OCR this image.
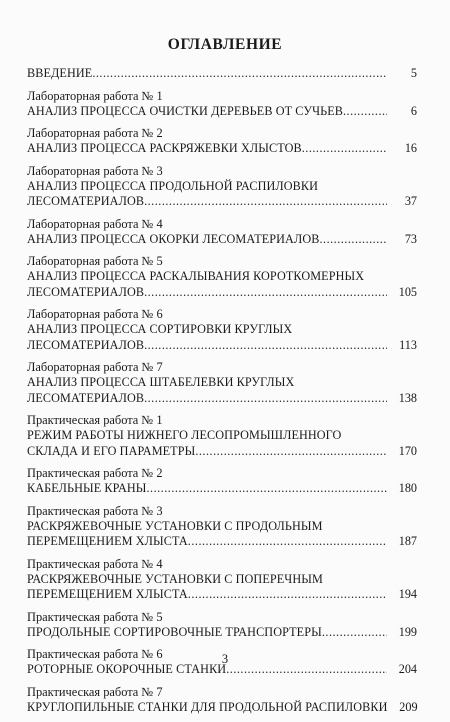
ОГЛАВЛЕНИЕ
ВВЕДЕНИЕ .....	5
Лабораторная работа № 1
АНАЛИЗ ПРОЦЕССА ОЧИСТКИ ДЕРЕВЬЕВ ОТ СУЧЬЕВ .....	6
Лабораторная работа № 2
АНАЛИЗ ПРОЦЕССА РАСКРЯЖЕВКИ ХЛЫСТОВ .....	16
Лабораторная работа № 3
АНАЛИЗ ПРОЦЕССА ПРОДОЛЬНОЙ РАСПИЛОВКИ
ЛЕСОМАТЕРИАЛОВ .....	37
Лабораторная работа № 4
АНАЛИЗ ПРОЦЕССА ОКОРКИ ЛЕСОМАТЕРИАЛОВ .....	73
Лабораторная работа № 5
АНАЛИЗ ПРОЦЕССА РАСКАЛЫВАНИЯ КОРОТКОМЕРНЫХ
ЛЕСОМАТЕРИАЛОВ .....	105
Лабораторная работа № 6
АНАЛИЗ ПРОЦЕССА СОРТИРОВКИ КРУГЛЫХ
ЛЕСОМАТЕРИАЛОВ .....	113
Лабораторная работа № 7
АНАЛИЗ ПРОЦЕССА ШТАБЕЛЕВКИ КРУГЛЫХ
ЛЕСОМАТЕРИАЛОВ .....	138
Практическая работа № 1
РЕЖИМ РАБОТЫ НИЖНЕГО ЛЕСОПРОМЫШЛЕННОГО
СКЛАДА И ЕГО ПАРАМЕТРЫ .....	170
Практическая работа № 2
КАБЕЛЬНЫЕ КРАНЫ .....	180
Практическая работа № 3
РАСКРЯЖЕВОЧНЫЕ УСТАНОВКИ С ПРОДОЛЬНЫМ
ПЕРЕМЕЩЕНИЕМ ХЛЫСТА .....	187
Практическая работа № 4
РАСКРЯЖЕВОЧНЫЕ УСТАНОВКИ С ПОПЕРЕЧНЫМ
ПЕРЕМЕЩЕНИЕМ ХЛЫСТА .....	194
Практическая работа № 5
ПРОДОЛЬНЫЕ СОРТИРОВОЧНЫЕ ТРАНСПОРТЕРЫ .....	199
Практическая работа № 6
РОТОРНЫЕ ОКОРОЧНЫЕ СТАНКИ .....	204
Практическая работа № 7
КРУГЛОПИЛЬНЫЕ СТАНКИ ДЛЯ ПРОДОЛЬНОЙ РАСПИЛОВКИ 209
3
